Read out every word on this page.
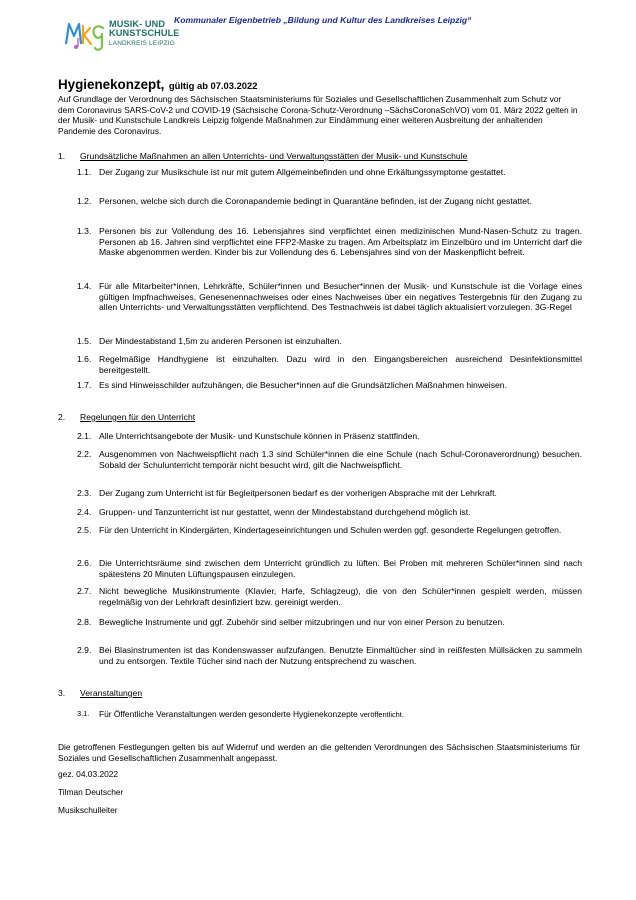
MUSIK- UND
KUNSTSCHULE
LANDKREIS LEIPZIG
Kommunaler Eigenbetrieb „Bildung und Kultur des Landkreises Leipzig“
Hygienekonzept, gültig ab 07.03.2022

Auf Grundlage der Verordnung des Sächsischen Staatsministeriums für Soziales und Gesellschaftlichen Zusammenhalt zum Schutz vor dem Coronavirus SARS-CoV-2 und COVID-19 (Sächsische Corona-Schutz-Verordnung –SächsCoronaSchVO) vom 01. März 2022 gelten in der Musik- und Kunstschule Landkreis Leipzig folgende Maßnahmen zur Eindämmung einer weiteren Ausbreitung der anhaltenden Pandemie des Coronavirus.

1. Grundsätzliche Maßnahmen an allen Unterrichts- und Verwaltungsstätten der Musik- und Kunstschule
1.1. Der Zugang zur Musikschule ist nur mit gutem Allgemeinbefinden und ohne Erkältungssymptome gestattet.

1.2. Personen, welche sich durch die Coronapandemie bedingt in Quarantäne befinden, ist der Zugang nicht gestattet.

1.3. Personen bis zur Vollendung des 16. Lebensjahres sind verpflichtet einen medizinischen Mund-Nasen-Schutz zu tragen. Personen ab 16. Jahren sind verpflichtet eine FFP2-Maske zu tragen. Am Arbeitsplatz im Einzelbüro und im Unterricht darf die Maske abgenommen werden. Kinder bis zur Vollendung des 6. Lebensjahres sind von der Maskenpflicht befreit.

1.4. Für alle Mitarbeiter*innen, Lehrkräfte, Schüler*innen und Besucher*innen der Musik- und Kunstschule ist die Vorlage eines gültigen Impfnachweises, Genesenennachweises oder eines Nachweises über ein negatives Testergebnis für den Zugang zu allen Unterrichts- und Verwaltungsstätten verpflichtend. Des Testnachweis ist dabei täglich aktualisiert vorzulegen. 3G-Regel

1.5. Der Mindestabstand 1,5m zu anderen Personen ist einzuhalten.

1.6. Regelmäßige Handhygiene ist einzuhalten. Dazu wird in den Eingangsbereichen ausreichend Desinfektionsmittel bereitgestellt.

1.7. Es sind Hinweisschilder aufzuhängen, die Besucher*innen auf die Grundsätzlichen Maßnahmen hinweisen.

2. Regelungen für den Unterricht
2.1. Alle Unterrichtsangebote der Musik- und Kunstschule können in Präsenz stattfinden.

2.2. Ausgenommen von Nachweispflicht nach 1.3 sind Schüler*innen die eine Schule (nach Schul-Coronaverordnung) besuchen. Sobald der Schulunterricht temporär nicht besucht wird, gilt die Nachweispflicht.

2.3. Der Zugang zum Unterricht ist für Begleitpersonen bedarf es der vorherigen Absprache mit der Lehrkraft.

2.4. Gruppen- und Tanzunterricht ist nur gestattet, wenn der Mindestabstand durchgehend möglich ist.

2.5. Für den Unterricht in Kindergärten, Kindertageseinrichtungen und Schulen werden ggf. gesonderte Regelungen getroffen.

2.6. Die Unterrichtsräume sind zwischen dem Unterricht gründlich zu lüften. Bei Proben mit mehreren Schüler*innen sind nach spätestens 20 Minuten Lüftungspausen einzulegen.

2.7. Nicht bewegliche Musikinstrumente (Klavier, Harfe, Schlagzeug), die von den Schüler*innen gespielt werden, müssen regelmäßig von der Lehrkraft desinfiziert bzw. gereinigt werden.

2.8. Bewegliche Instrumente und ggf. Zubehör sind selber mitzubringen und nur von einer Person zu benutzen.

2.9. Bei Blasinstrumenten ist das Kondenswasser aufzufangen. Benutzte Einmaltücher sind in reißfesten Müllsäcken zu sammeln und zu entsorgen. Textile Tücher sind nach der Nutzung entsprechend zu waschen.

3. Veranstaltungen
3.1.	Für Öffentliche Veranstaltungen werden gesonderte Hygienekonzepte veröffentlicht.

Die getroffenen Festlegungen gelten bis auf Widerruf und werden an die geltenden Verordnungen des Sächsischen Staatsministeriums für Soziales und Gesellschaftlichen Zusammenhalt angepasst.

gez. 04.03.2022
Tilman Deutscher
Musikschulleiter
